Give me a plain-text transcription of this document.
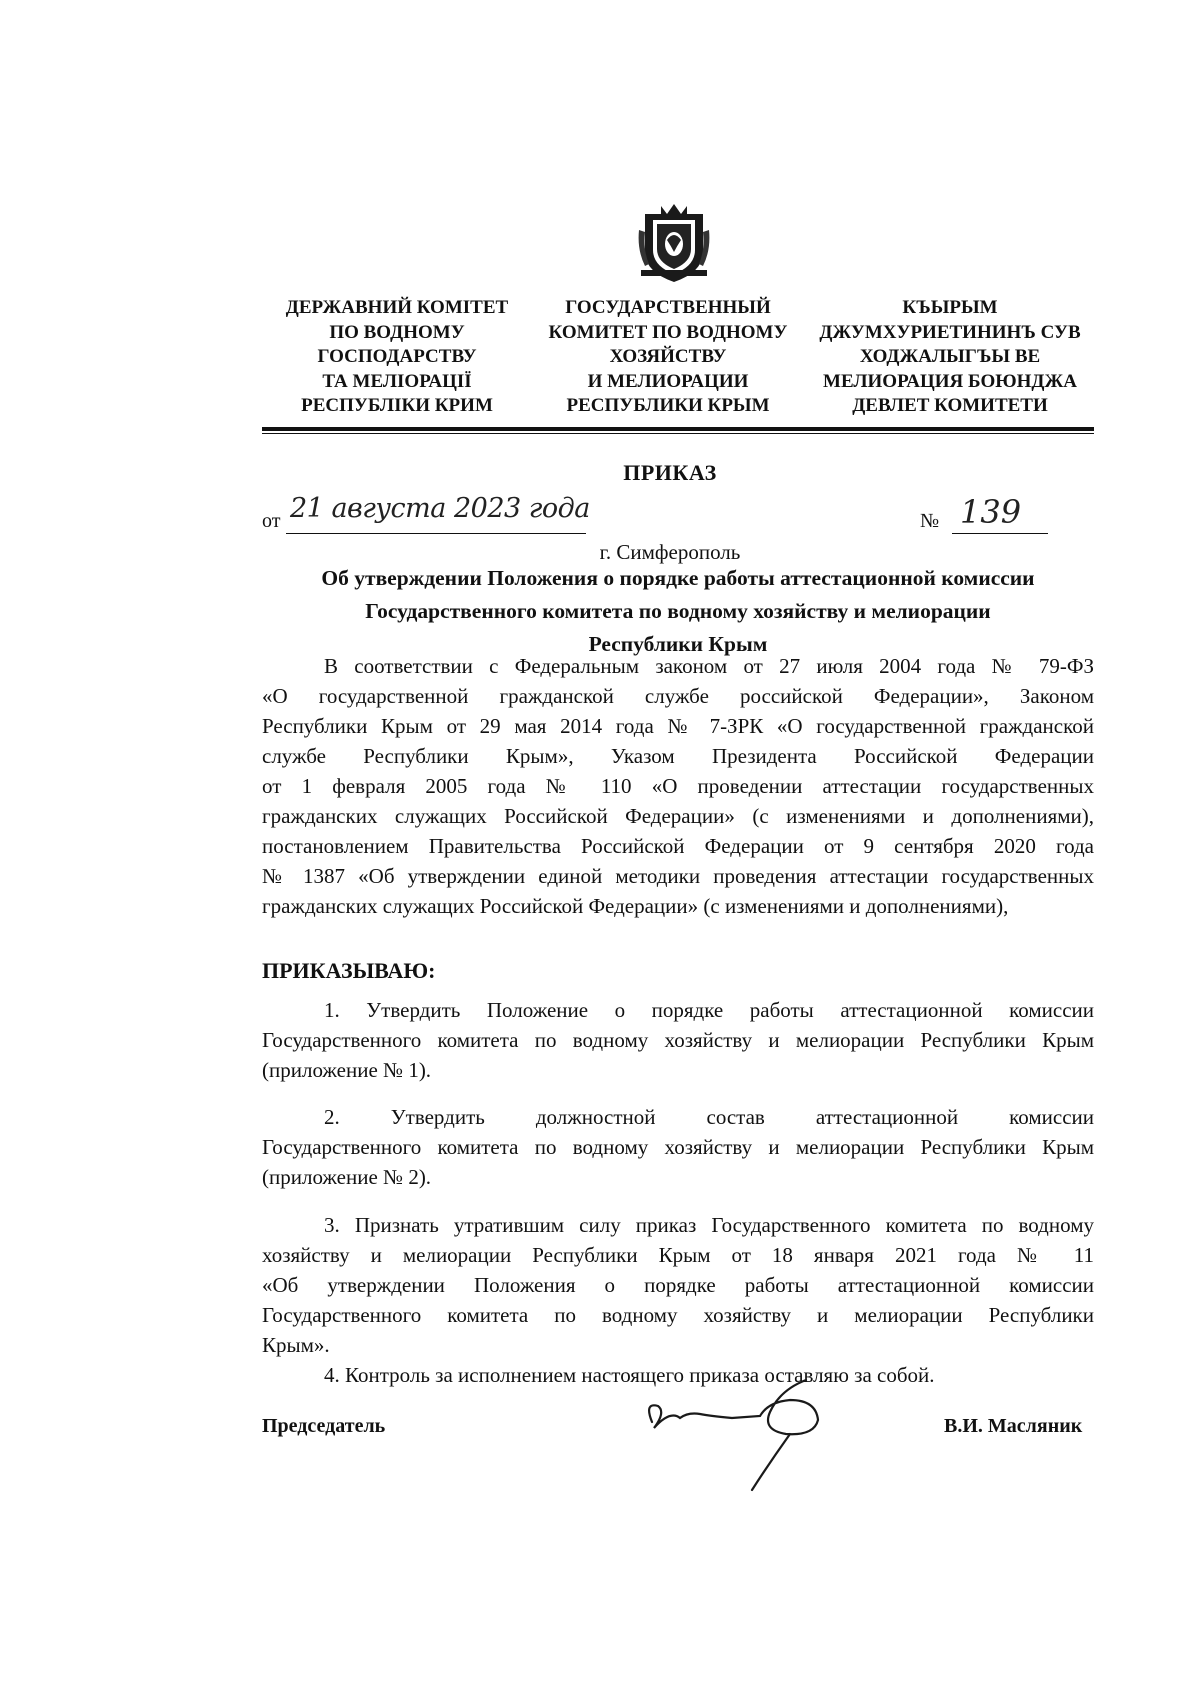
ДЕРЖАВНИЙ КОМІТЕТ
ПО ВОДНОМУ
ГОСПОДАРСТВУ
ТА МЕЛІОРАЦІЇ
РЕСПУБЛІКИ КРИМ
ГОСУДАРСТВЕННЫЙ
КОМИТЕТ ПО ВОДНОМУ
ХОЗЯЙСТВУ
И МЕЛИОРАЦИИ
РЕСПУБЛИКИ КРЫМ
КЪЫРЫМ
ДЖУМХУРИЕТИНИНЪ СУВ
ХОДЖАЛЫГЪЫ ВЕ
МЕЛИОРАЦИЯ БОЮНДЖА
ДЕВЛЕТ КОМИТЕТИ
ПРИКАЗ
от 21 августа 2023 года	№ 139
г. Симферополь
Об утверждении Положения о порядке работы аттестационной комиссии
Государственного комитета по водному хозяйству и мелиорации
Республики Крым
В соответствии с Федеральным законом от 27 июля 2004 года № 79-ФЗ
«О государственной гражданской службе российской Федерации», Законом
Республики Крым от 29 мая 2014 года № 7-ЗРК «О государственной гражданской
службе Республики Крым», Указом Президента Российской Федерации
от 1 февраля 2005 года № 110 «О проведении аттестации государственных
гражданских служащих Российской Федерации» (с изменениями и дополнениями),
постановлением Правительства Российской Федерации от 9 сентября 2020 года
№ 1387 «Об утверждении единой методики проведения аттестации государственных
гражданских служащих Российской Федерации» (с изменениями и дополнениями),
ПРИКАЗЫВАЮ:
1. Утвердить Положение о порядке работы аттестационной комиссии
Государственного комитета по водному хозяйству и мелиорации Республики Крым
(приложение № 1).
2. Утвердить должностной состав аттестационной комиссии
Государственного комитета по водному хозяйству и мелиорации Республики Крым
(приложение № 2).
3. Признать утратившим силу приказ Государственного комитета по водному
хозяйству и мелиорации Республики Крым от 18 января 2021 года № 11
«Об утверждении Положения о порядке работы аттестационной комиссии
Государственного комитета по водному хозяйству и мелиорации Республики
Крым».
4. Контроль за исполнением настоящего приказа оставляю за собой.
Председатель	В.И. Масляник
